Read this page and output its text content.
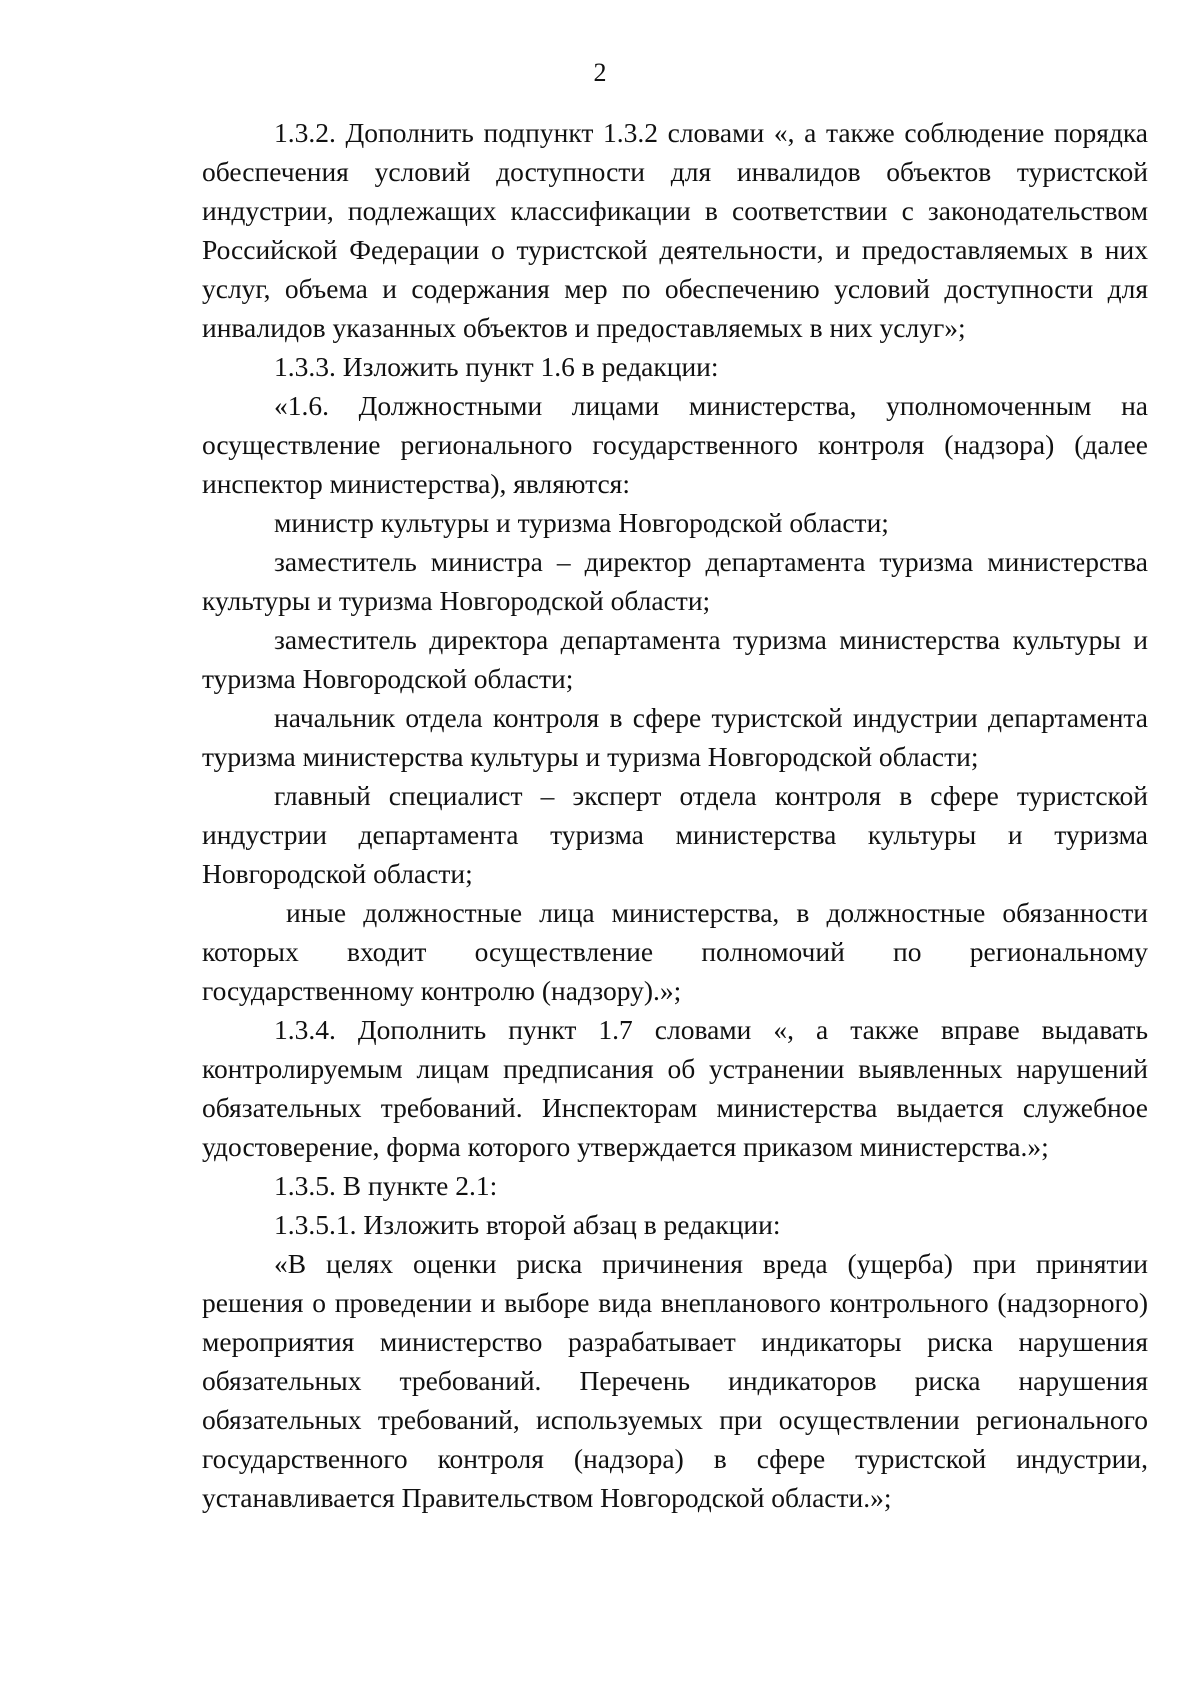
2

1.3.2. Дополнить подпункт 1.3.2 словами «, а также соблюдение порядка обеспечения условий доступности для инвалидов объектов туристской индустрии, подлежащих классификации в соответствии с законодательством Российской Федерации о туристской деятельности, и предоставляемых в них услуг, объема и содержания мер по обеспечению условий доступности для инвалидов указанных объектов и предоставляемых в них услуг»;

1.3.3. Изложить пункт 1.6 в редакции:

«1.6. Должностными лицами министерства, уполномоченным на осуществление регионального государственного контроля (надзора) (далее инспектор министерства), являются:

министр культуры и туризма Новгородской области;

заместитель министра – директор департамента туризма министерства культуры и туризма Новгородской области;

заместитель директора департамента туризма министерства культуры и туризма Новгородской области;

начальник отдела контроля в сфере туристской индустрии департамента туризма министерства культуры и туризма Новгородской области;

главный специалист – эксперт отдела контроля в сфере туристской индустрии департамента туризма министерства культуры и туризма Новгородской области;

иные должностные лица министерства, в должностные обязанности которых входит осуществление полномочий по региональному государственному контролю (надзору).»;

1.3.4. Дополнить пункт 1.7 словами «, а также вправе выдавать контролируемым лицам предписания об устранении выявленных нарушений обязательных требований. Инспекторам министерства выдается служебное удостоверение, форма которого утверждается приказом министерства.»;

1.3.5. В пункте 2.1:

1.3.5.1. Изложить второй абзац в редакции:

«В целях оценки риска причинения вреда (ущерба) при принятии решения о проведении и выборе вида внепланового контрольного (надзорного) мероприятия министерство разрабатывает индикаторы риска нарушения обязательных требований. Перечень индикаторов риска нарушения обязательных требований, используемых при осуществлении регионального государственного контроля (надзора) в сфере туристской индустрии, устанавливается Правительством Новгородской области.»;
